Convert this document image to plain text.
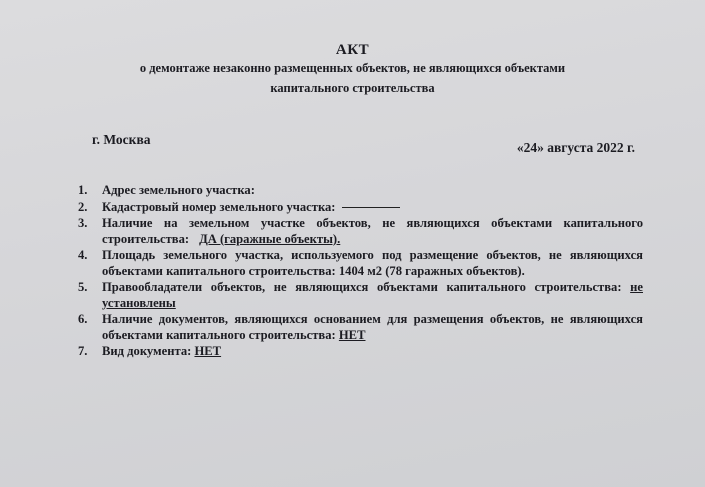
АКТ
о демонтаже незаконно размещенных объектов, не являющихся объектами
капитального строительства
г. Москва
«24» августа 2022 г.
1. Адрес земельного участка:
2. Кадастровый номер земельного участка:
3. Наличие на земельном участке объектов, не являющихся объектами капитального строительства: ДА (гаражные объекты).
4. Площадь земельного участка, используемого под размещение объектов, не являющихся объектами капитального строительства: 1404 м2 (78 гаражных объектов).
5. Правообладатели объектов, не являющихся объектами капитального строительства: не установлены
6. Наличие документов, являющихся основанием для размещения объектов, не являющихся объектами капитального строительства: НЕТ
7. Вид документа: НЕТ
